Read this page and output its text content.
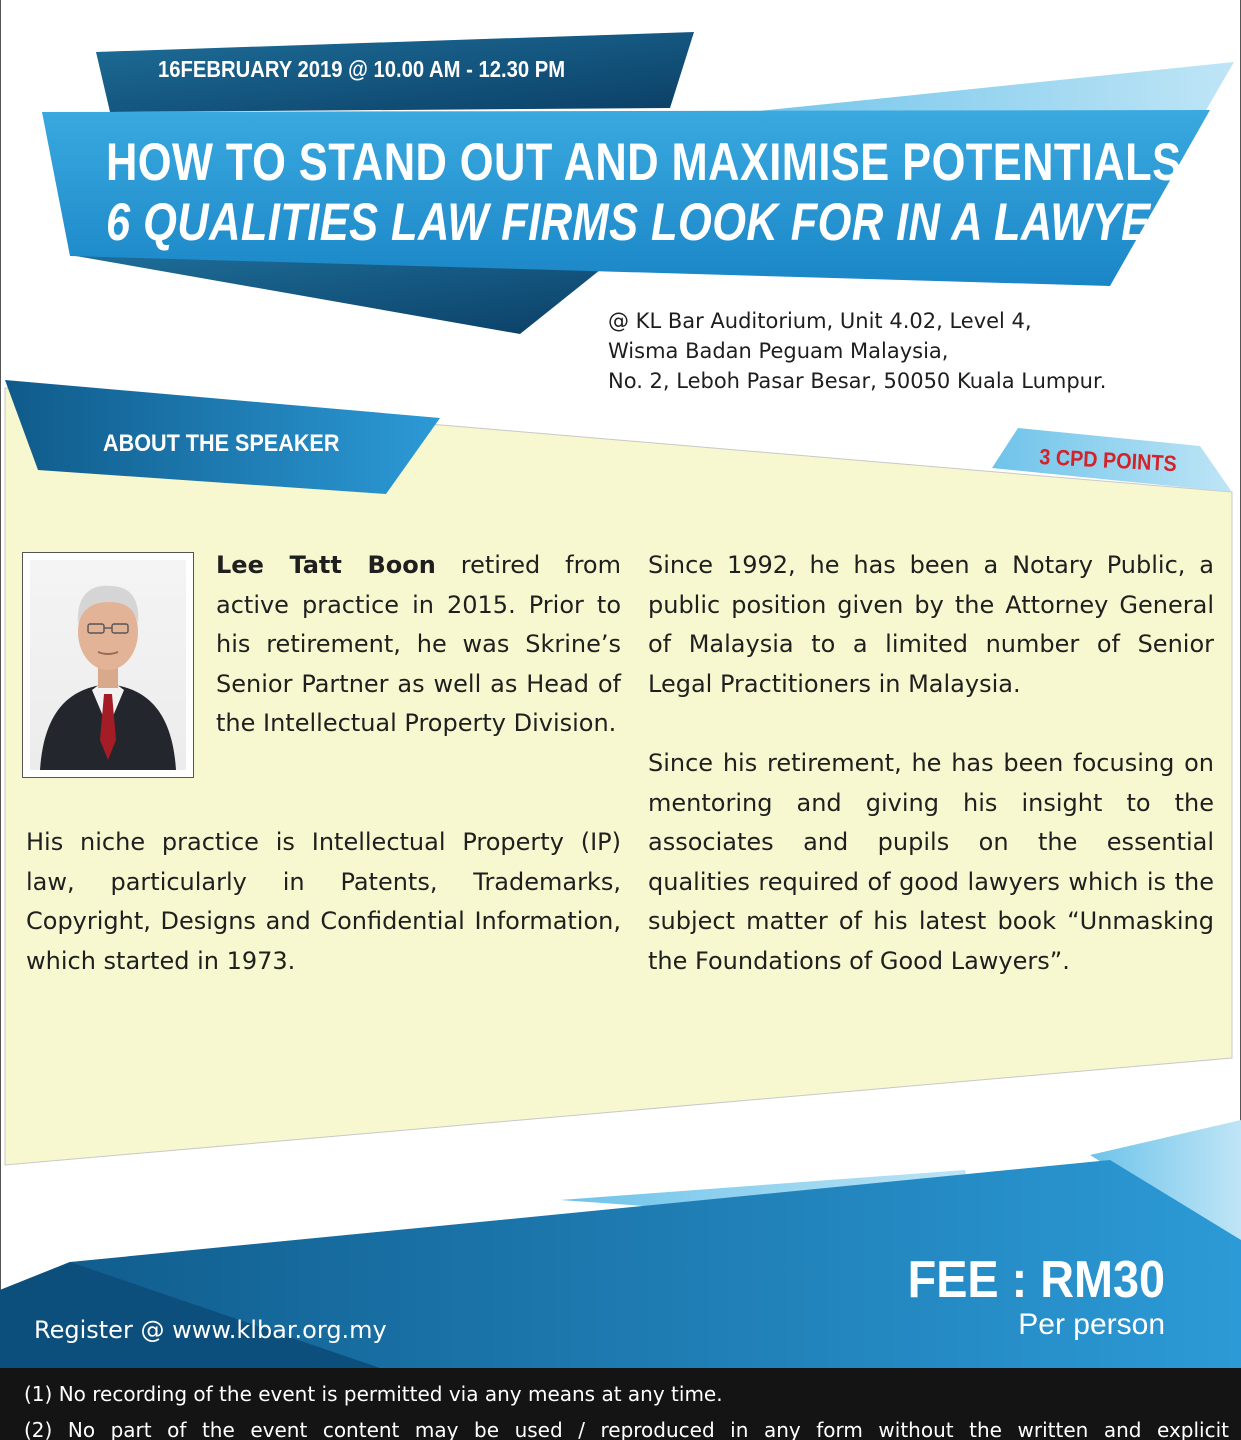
16FEBRUARY 2019 @ 10.00 AM - 12.30 PM
HOW TO STAND OUT AND MAXIMISE POTENTIALS
6 QUALITIES LAW FIRMS LOOK FOR IN A LAWYER
@ KL Bar Auditorium, Unit 4.02, Level 4,
Wisma Badan Peguam Malaysia,
No. 2, Leboh Pasar Besar, 50050 Kuala Lumpur.
ABOUT THE SPEAKER
3 CPD POINTS
Lee Tatt Boon retired from active practice in 2015. Prior to his retirement, he was Skrine’s Senior Partner as well as Head of the Intellectual Property Division.
His niche practice is Intellectual Property (IP) law, particularly in Patents, Trademarks, Copyright, Designs and Confidential Information, which started in 1973.
Since 1992, he has been a Notary Public, a public position given by the Attorney General of Malaysia to a limited number of Senior Legal Practitioners in Malaysia.
Since his retirement, he has been focusing on mentoring and giving his insight to the associates and pupils on the essential qualities required of good lawyers which is the subject matter of his latest book “Unmasking the Foundations of Good Lawyers”.
Register @ www.klbar.org.my
FEE : RM30
Per person
(1) No recording of the event is permitted via any means at any time.
(2) No part of the event content may be used / reproduced in any form without the written and explicit
